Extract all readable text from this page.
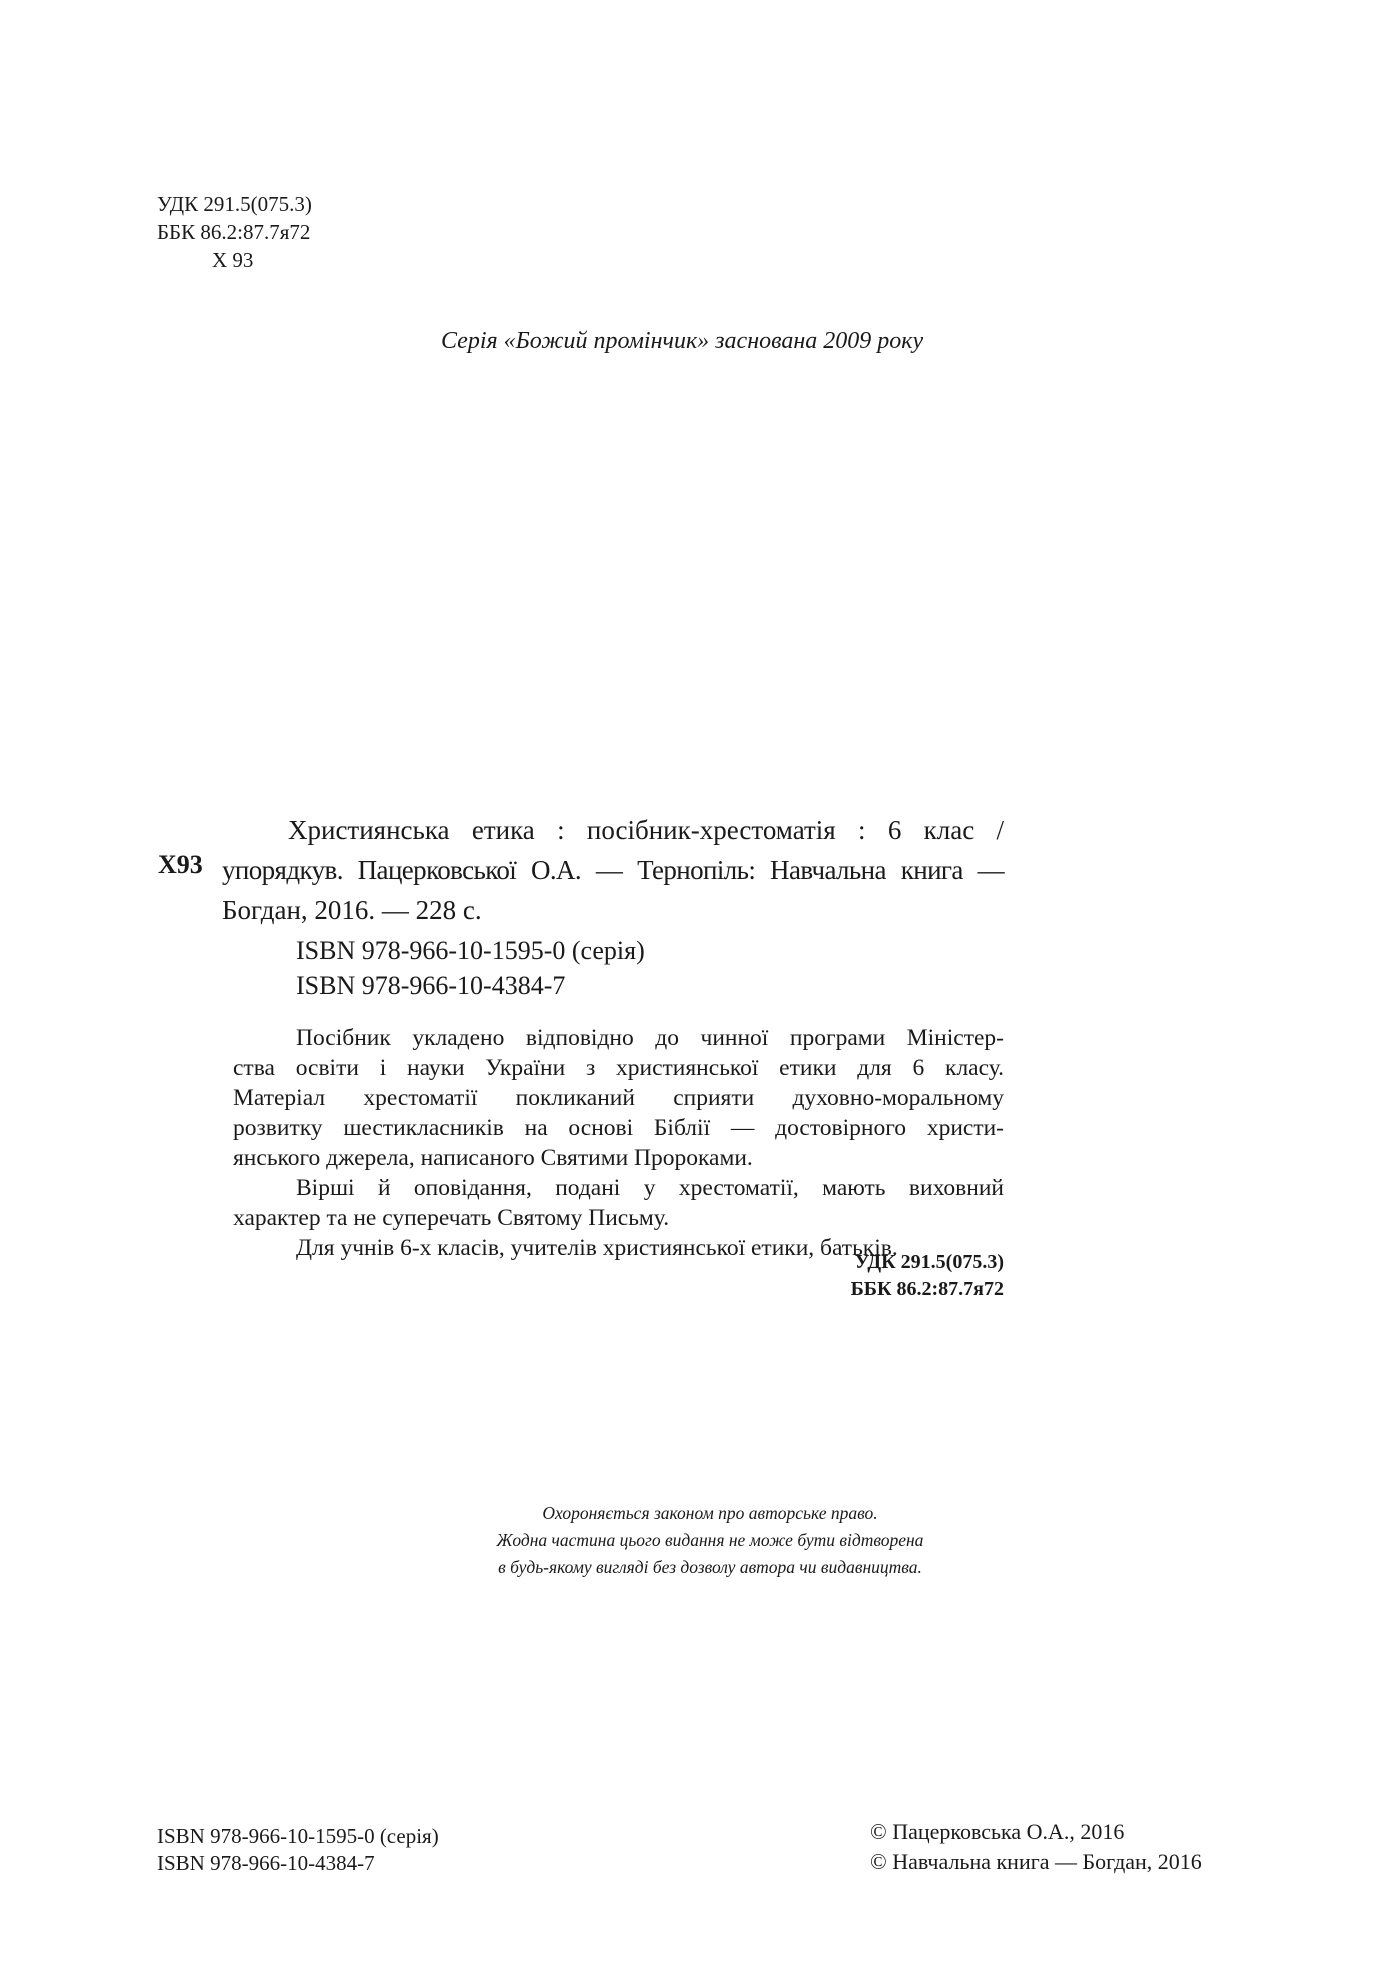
УДК 291.5(075.3)
ББК 86.2:87.7я72
Х 93

Серія «Божий промінчик» заснована 2009 року

Х93
Християнська етика : посібник-хрестоматія : 6 клас /
упорядкув. Пацерковської О.А. — Тернопіль: Навчальна книга —
Богдан, 2016. — 228 с.
ISBN 978-966-10-1595-0 (серія)
ISBN 978-966-10-4384-7
Посібник укладено відповідно до чинної програми Міністер-
ства освіти і науки України з християнської етики для 6 класу.
Матеріал хрестоматії покликаний сприяти духовно-моральному
розвитку шестикласників на основі Біблії — достовірного христи-
янського джерела, написаного Святими Пророками.
Вірші й оповідання, подані у хрестоматії, мають виховний
характер та не суперечать Святому Письму.
Для учнів 6-х класів, учителів християнської етики, батьків.
УДК 291.5(075.3)
ББК 86.2:87.7я72
Охороняється законом про авторське право.
Жодна частина цього видання не може бути відтворена
в будь-якому вигляді без дозволу автора чи видавництва.
ISBN 978-966-10-1595-0 (серія)
ISBN 978-966-10-4384-7
© Пацерковська О.А., 2016
© Навчальна книга — Богдан, 2016
